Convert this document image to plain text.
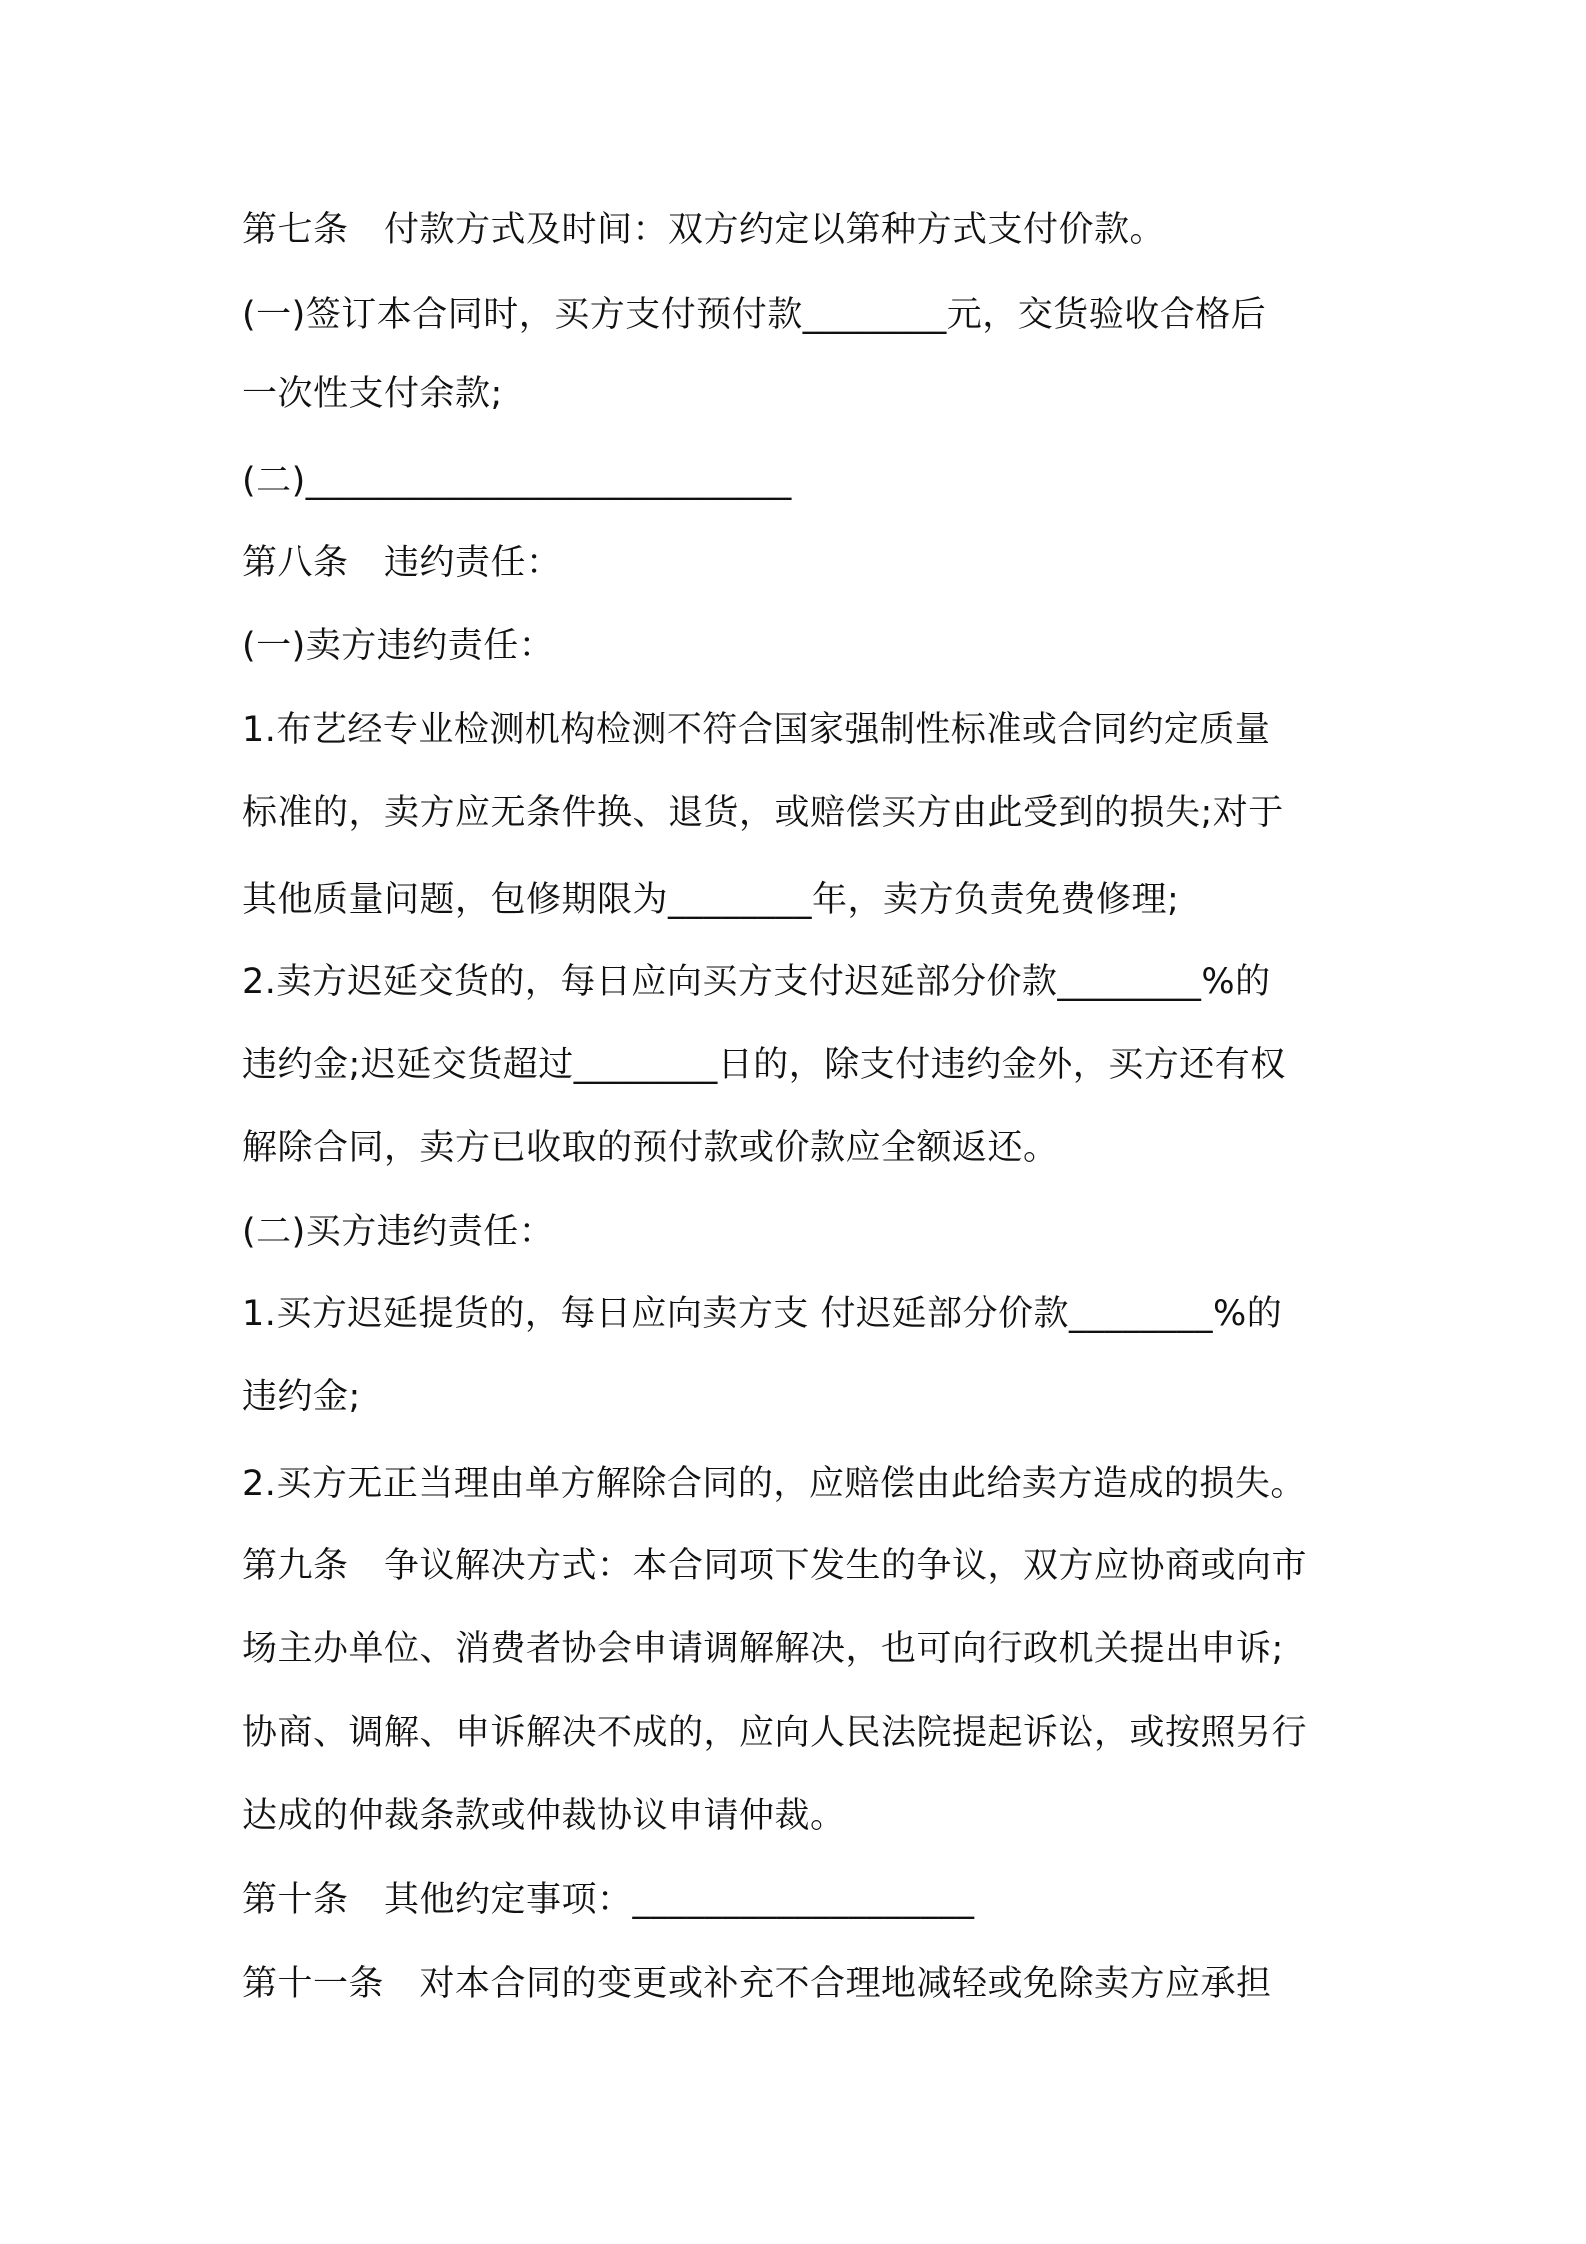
第七条　付款方式及时间：双方约定以第种方式支付价款。
(一)签订本合同时，买方支付预付款________元，交货验收合格后
一次性支付余款;
(二)___________________________
第八条　违约责任：
(一)卖方违约责任：
1.布艺经专业检测机构检测不符合国家强制性标准或合同约定质量
标准的，卖方应无条件换、退货，或赔偿买方由此受到的损失;对于
其他质量问题，包修期限为________年，卖方负责免费修理;
2.卖方迟延交货的，每日应向买方支付迟延部分价款________%的
违约金;迟延交货超过________日的，除支付违约金外，买方还有权
解除合同，卖方已收取的预付款或价款应全额返还。
(二)买方违约责任：
1.买方迟延提货的，每日应向卖方支 付迟延部分价款________%的
违约金;
2.买方无正当理由单方解除合同的，应赔偿由此给卖方造成的损失。
第九条　争议解决方式：本合同项下发生的争议，双方应协商或向市
场主办单位、消费者协会申请调解解决，也可向行政机关提出申诉;
协商、调解、申诉解决不成的，应向人民法院提起诉讼，或按照另行
达成的仲裁条款或仲裁协议申请仲裁。
第十条　其他约定事项：___________________
第十一条　对本合同的变更或补充不合理地减轻或免除卖方应承担
